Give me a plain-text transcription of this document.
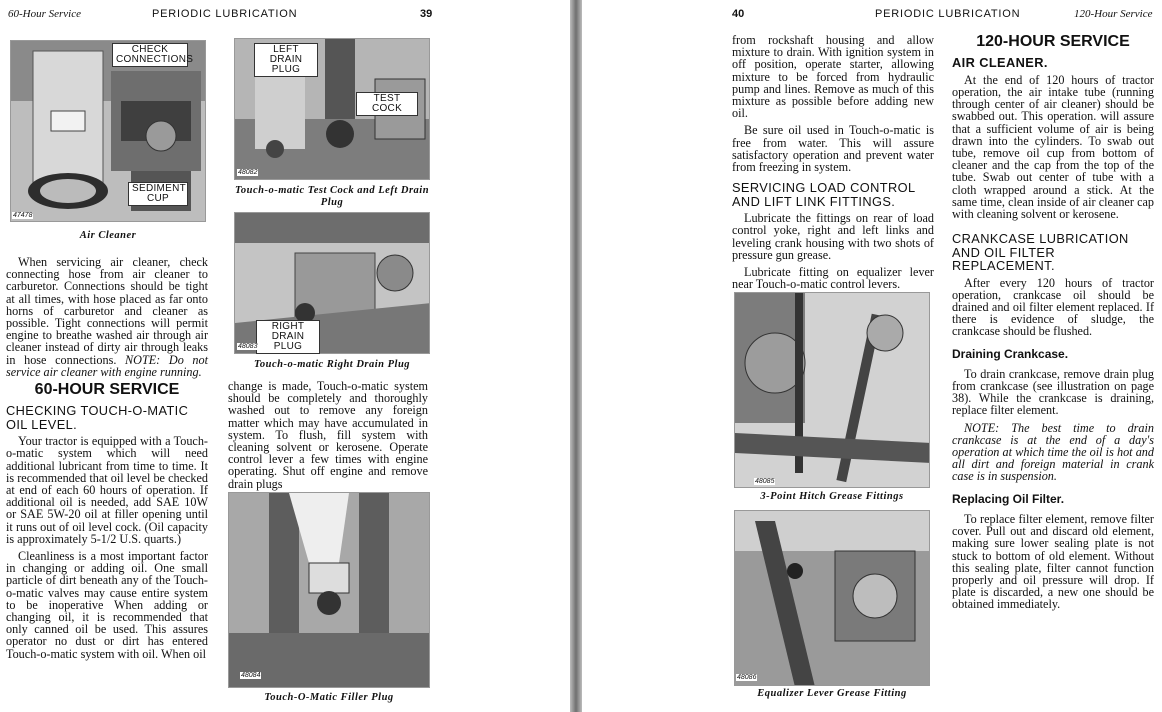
60-Hour Service	PERIODIC LUBRICATION	39
CHECK CONNECTIONS
SEDIMENT CUP
47478
Air Cleaner
LEFT DRAIN PLUG
TEST COCK
48082
Touch-o-matic Test Cock and Left Drain Plug
RIGHT DRAIN PLUG
48083
Touch-o-matic Right Drain Plug
48084
Touch-O-Matic Filler Plug

When servicing air cleaner, check connecting hose from air cleaner to carburetor. Connections should be tight at all times, with hose placed as far onto horns of carburetor and cleaner as possible. Tight connections will permit engine to breathe washed air through air cleaner instead of dirty air through leaks in hose connections. NOTE: Do not service air cleaner with engine running.

60-HOUR SERVICE
CHECKING TOUCH-O-MATIC OIL LEVEL.

Your tractor is equipped with a Touch-o-matic system which will need additional lubricant from time to time. It is recommended that oil level be checked at end of each 60 hours of operation. If additional oil is needed, add SAE 10W or SAE 5W-20 oil at filler opening until it runs out of oil level cock. (Oil capacity is approximately 5-1/2 U.S. quarts.)

Cleanliness is a most important factor in changing or adding oil. One small particle of dirt beneath any of the Touch-o-matic valves may cause entire system to be inoperative When adding or changing oil, it is recommended that only canned oil be used. This assures operator no dust or dirt has entered Touch-o-matic system with oil. When oil

change is made, Touch-o-matic system should be completely and thoroughly washed out to remove any foreign matter which may have accumulated in system. To flush, fill system with cleaning solvent or kerosene. Operate control lever a few times with engine operating. Shut off engine and remove drain plugs

40	PERIODIC LUBRICATION	120-Hour Service

from rockshaft housing and allow mixture to drain. With ignition system in off position, operate starter, allowing mixture to be forced from hydraulic pump and lines. Remove as much of this mixture as possible before adding new oil.

Be sure oil used in Touch-o-matic is free from water. This will assure satisfactory operation and prevent water from freezing in system.

SERVICING LOAD CONTROL AND LIFT LINK FITTINGS.

Lubricate the fittings on rear of load control yoke, right and left links and leveling crank housing with two shots of pressure gun grease.

Lubricate fitting on equalizer lever near Touch-o-matic control levers.

48085
3-Point Hitch Grease Fittings
48086
Equalizer Lever Grease Fitting
120-HOUR SERVICE
AIR CLEANER.

At the end of 120 hours of tractor operation, the air intake tube (running through center of air cleaner) should be swabbed out. This operation. will assure that a sufficient volume of air is being drawn into the cylinders. To swab out tube, remove oil cup from bottom of cleaner and the cap from the top of the tube. Swab out center of tube with a cloth wrapped around a stick. At the same time, clean inside of air cleaner cap with cleaning solvent or kerosene.

CRANKCASE LUBRICATION AND OIL FILTER REPLACEMENT.

After every 120 hours of tractor operation, crankcase oil should be drained and oil filter element replaced. If there is evidence of sludge, the crankcase should be flushed.

Draining Crankcase.

To drain crankcase, remove drain plug from crankcase (see illustration on page 38). While the crankcase is draining, replace filter element.

NOTE: The best time to drain crankcase is at the end of a day's operation at which time the oil is hot and all dirt and foreign material in crank case is in suspension.

Replacing Oil Filter.

To replace filter element, remove filter cover. Pull out and discard old element, making sure lower sealing plate is not stuck to bottom of old element. Without this sealing plate, filter cannot function properly and oil pressure will drop. If plate is discarded, a new one should be obtained immediately.
